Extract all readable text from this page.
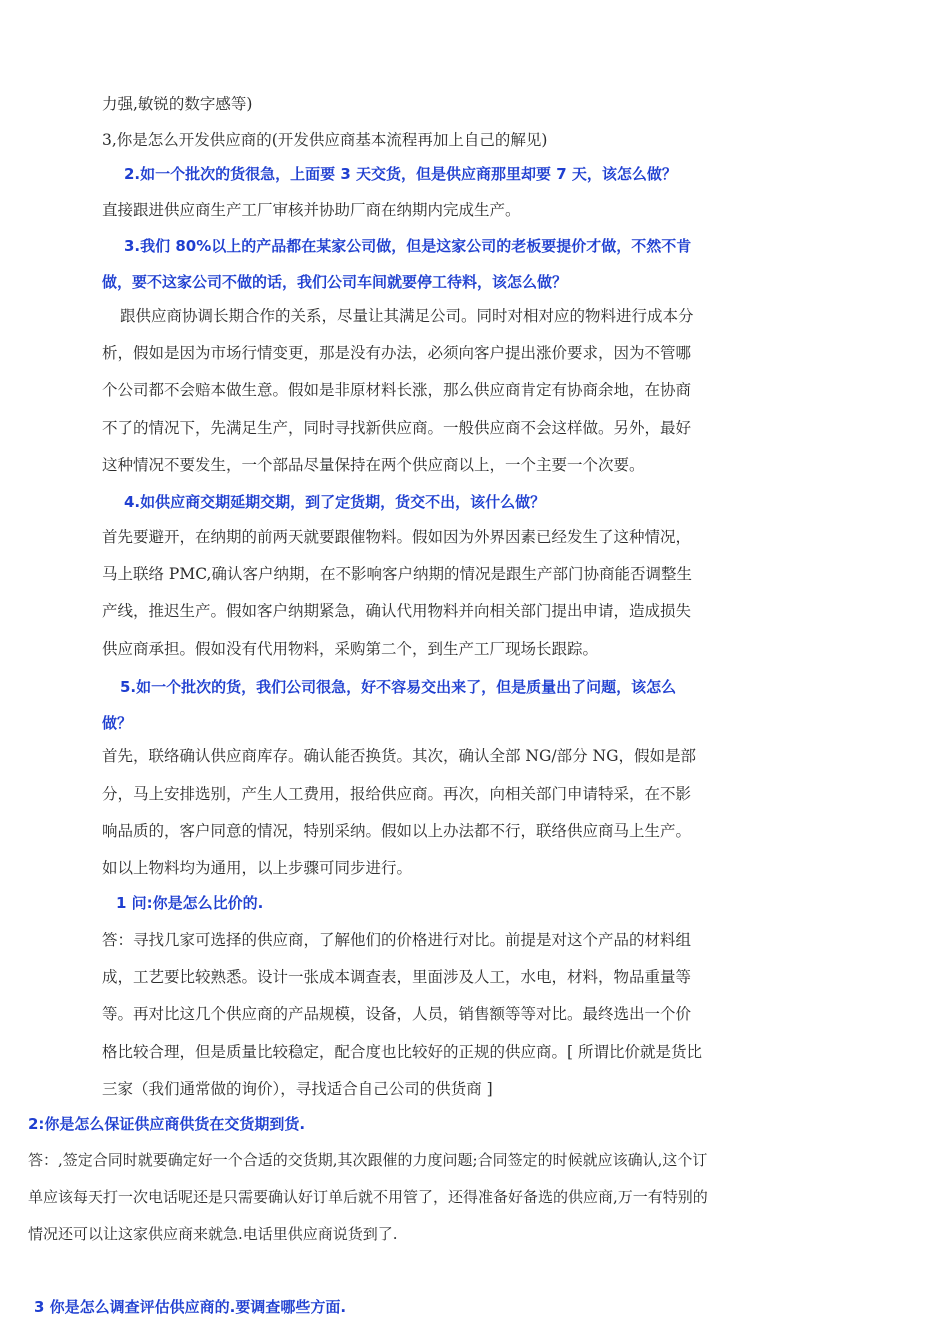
力强,敏锐的数字感等)
3,你是怎么开发供应商的(开发供应商基本流程再加上自己的解见)
2.如一个批次的货很急，上面要 3 天交货，但是供应商那里却要 7 天，该怎么做？
直接跟进供应商生产工厂审核并协助厂商在纳期内完成生产。
3.我们 80%以上的产品都在某家公司做，但是这家公司的老板要提价才做，不然不肯
做，要不这家公司不做的话，我们公司车间就要停工待料，该怎么做？
跟供应商协调长期合作的关系，尽量让其满足公司。同时对相对应的物料进行成本分
析，假如是因为市场行情变更，那是没有办法，必须向客户提出涨价要求，因为不管哪
个公司都不会赔本做生意。假如是非原材料长涨，那么供应商肯定有协商余地，在协商
不了的情况下，先满足生产，同时寻找新供应商。一般供应商不会这样做。另外，最好
这种情况不要发生，一个部品尽量保持在两个供应商以上，一个主要一个次要。
4.如供应商交期延期交期，到了定货期，货交不出，该什么做？
首先要避开，在纳期的前两天就要跟催物料。假如因为外界因素已经发生了这种情况，
马上联络 PMC,确认客户纳期，在不影响客户纳期的情况是跟生产部门协商能否调整生
产线，推迟生产。假如客户纳期紧急，确认代用物料并向相关部门提出申请，造成损失
供应商承担。假如没有代用物料，采购第二个，到生产工厂现场长跟踪。
5.如一个批次的货，我们公司很急，好不容易交出来了，但是质量出了问题，该怎么
做？
首先，联络确认供应商库存。确认能否换货。其次，确认全部 NG/部分 NG，假如是部
分，马上安排选别，产生人工费用，报给供应商。再次，向相关部门申请特采，在不影
响品质的，客户同意的情况，特别采纳。假如以上办法都不行，联络供应商马上生产。
如以上物料均为通用，以上步骤可同步进行。
1 问:你是怎么比价的.
答：寻找几家可选择的供应商，了解他们的价格进行对比。前提是对这个产品的材料组
成，工艺要比较熟悉。设计一张成本调查表，里面涉及人工，水电，材料，物品重量等
等。再对比这几个供应商的产品规模，设备，人员，销售额等等对比。最终选出一个价
格比较合理，但是质量比较稳定，配合度也比较好的正规的供应商。[ 所谓比价就是货比
三家（我们通常做的询价），寻找适合自己公司的供货商 ]
2:你是怎么保证供应商供货在交货期到货.
答：,签定合同时就要确定好一个合适的交货期,其次跟催的力度问题;合同签定的时候就应该确认,这个订
单应该每天打一次电话呢还是只需要确认好订单后就不用管了，还得准备好备选的供应商,万一有特别的
情况还可以让这家供应商来就急.电话里供应商说货到了.
3 你是怎么调查评估供应商的.要调查哪些方面.
